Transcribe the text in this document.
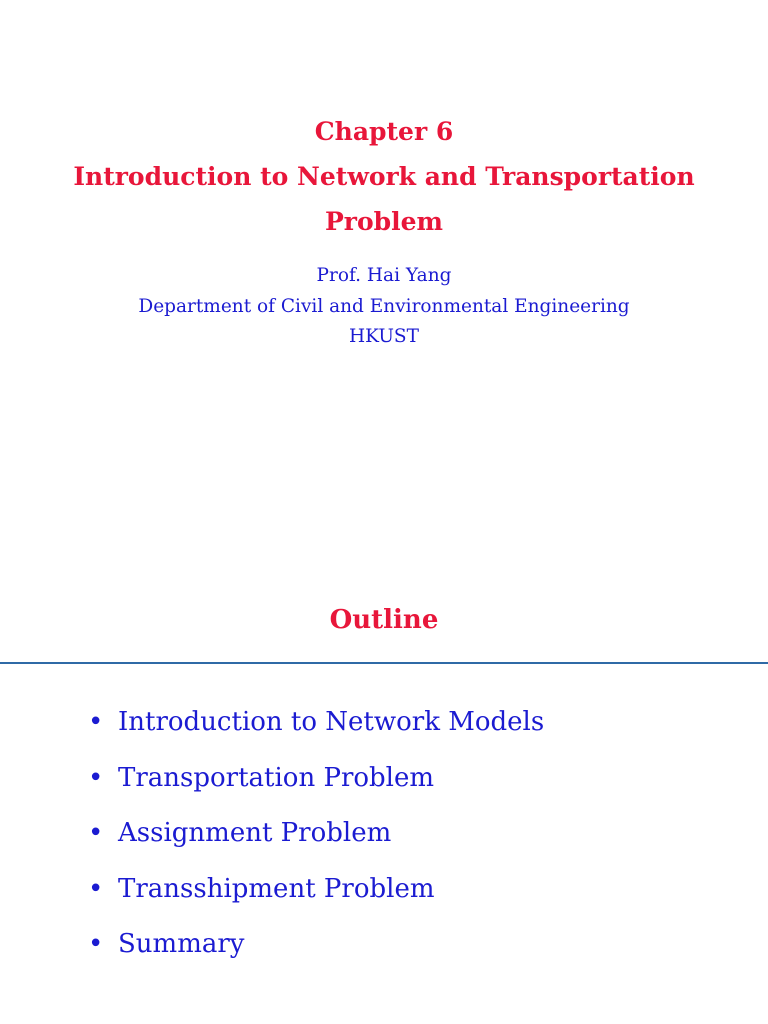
Chapter 6
Introduction to Network and Transportation
Problem
Prof. Hai Yang
Department of Civil and Environmental Engineering
HKUST
Outline
• Introduction to Network Models
• Transportation Problem
• Assignment Problem
• Transshipment Problem
• Summary
